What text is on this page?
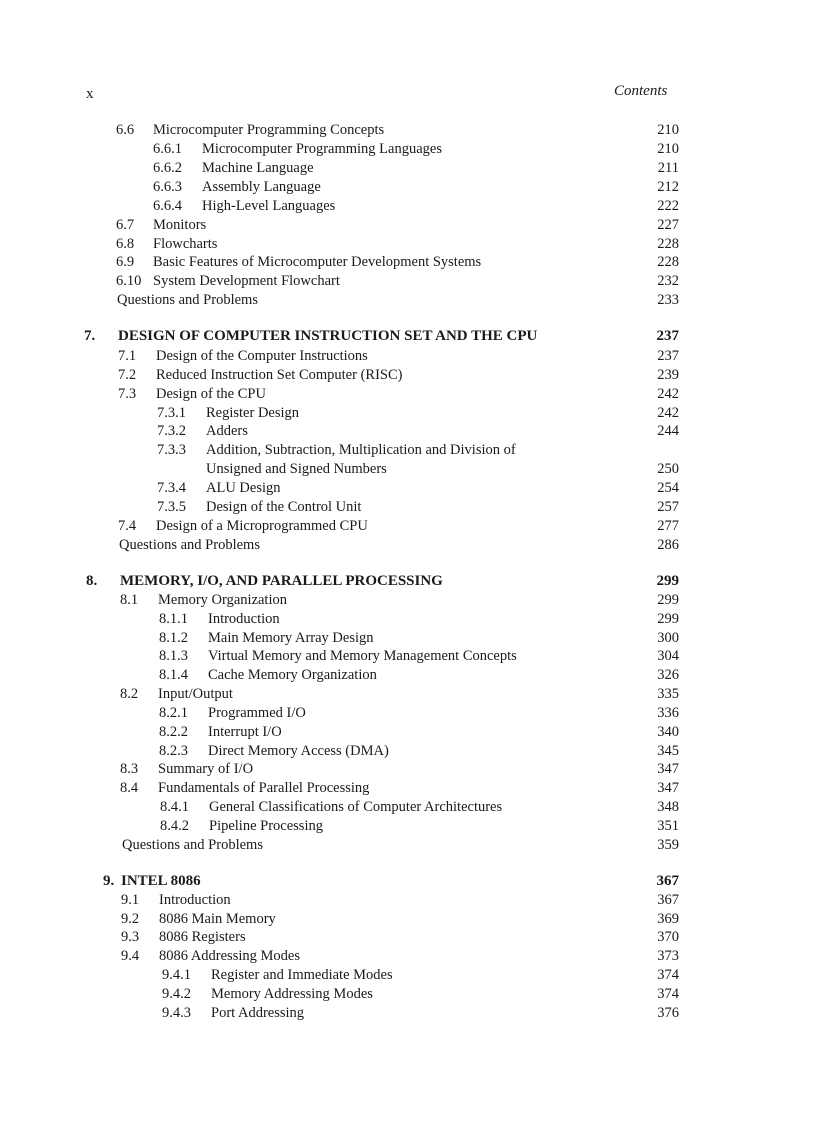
x	Contents
6.6 Microcomputer Programming Concepts	210
6.6.1 Microcomputer Programming Languages	210
6.6.2 Machine Language	211
6.6.3 Assembly Language	212
6.6.4 High-Level Languages	222
6.7 Monitors	227
6.8 Flowcharts	228
6.9 Basic Features of Microcomputer Development Systems	228
6.10 System Development Flowchart	232
Questions and Problems	233
7. DESIGN OF COMPUTER INSTRUCTION SET AND THE CPU	237
7.1 Design of the Computer Instructions	237
7.2 Reduced Instruction Set Computer (RISC)	239
7.3 Design of the CPU	242
7.3.1 Register Design	242
7.3.2 Adders	244
7.3.3 Addition, Subtraction, Multiplication and Division of
Unsigned and Signed Numbers	250
7.3.4 ALU Design	254
7.3.5 Design of the Control Unit	257
7.4 Design of a Microprogrammed CPU	277
Questions and Problems	286
8. MEMORY, I/O, AND PARALLEL PROCESSING	299
8.1 Memory Organization	299
8.1.1 Introduction	299
8.1.2 Main Memory Array Design	300
8.1.3 Virtual Memory and Memory Management Concepts	304
8.1.4 Cache Memory Organization	326
8.2 Input/Output	335
8.2.1 Programmed I/O	336
8.2.2 Interrupt I/O	340
8.2.3 Direct Memory Access (DMA)	345
8.3 Summary of I/O	347
8.4 Fundamentals of Parallel Processing	347
8.4.1 General Classifications of Computer Architectures	348
8.4.2 Pipeline Processing	351
Questions and Problems	359
9. INTEL 8086	367
9.1 Introduction	367
9.2 8086 Main Memory	369
9.3 8086 Registers	370
9.4 8086 Addressing Modes	373
9.4.1 Register and Immediate Modes	374
9.4.2 Memory Addressing Modes	374
9.4.3 Port Addressing	376
